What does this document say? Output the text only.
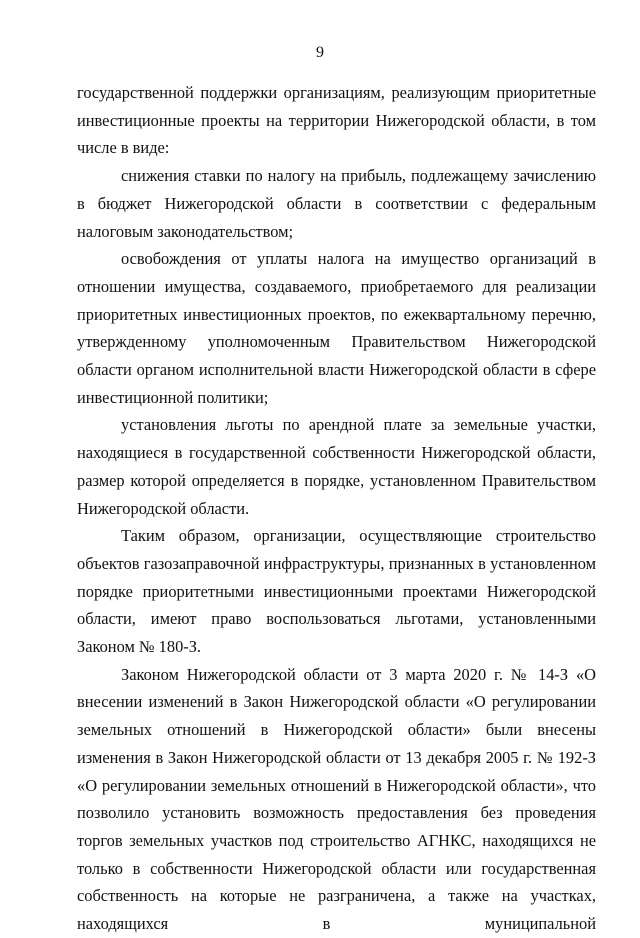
9

государственной поддержки организациям, реализующим приоритетные инвестиционные проекты на территории Нижегородской области, в том числе в виде:

снижения ставки по налогу на прибыль, подлежащему зачислению в бюджет Нижегородской области в соответствии с федеральным налоговым законодательством;

освобождения от уплаты налога на имущество организаций в отношении имущества, создаваемого, приобретаемого для реализации приоритетных инвестиционных проектов, по ежеквартальному перечню, утвержденному уполномоченным Правительством Нижегородской области органом исполнительной власти Нижегородской области в сфере инвестиционной политики;

установления льготы по арендной плате за земельные участки, находящиеся в государственной собственности Нижегородской области, размер которой определяется в порядке, установленном Правительством Нижегородской области.

Таким образом, организации, осуществляющие строительство объектов газозаправочной инфраструктуры, признанных в установленном порядке приоритетными инвестиционными проектами Нижегородской области, имеют право воспользоваться льготами, установленными Законом № 180-З.

Законом Нижегородской области от 3 марта 2020 г. № 14-З «О внесении изменений в Закон Нижегородской области «О регулировании земельных отношений в Нижегородской области» были внесены изменения в Закон Нижегородской области от 13 декабря 2005 г. № 192-З «О регулировании земельных отношений в Нижегородской области», что позволило установить возможность предоставления без проведения торгов земельных участков под строительство АГНКС, находящихся не только в собственности Нижегородской области или государственная собственность на которые не разграничена, а также на участках, находящихся в муниципальной
